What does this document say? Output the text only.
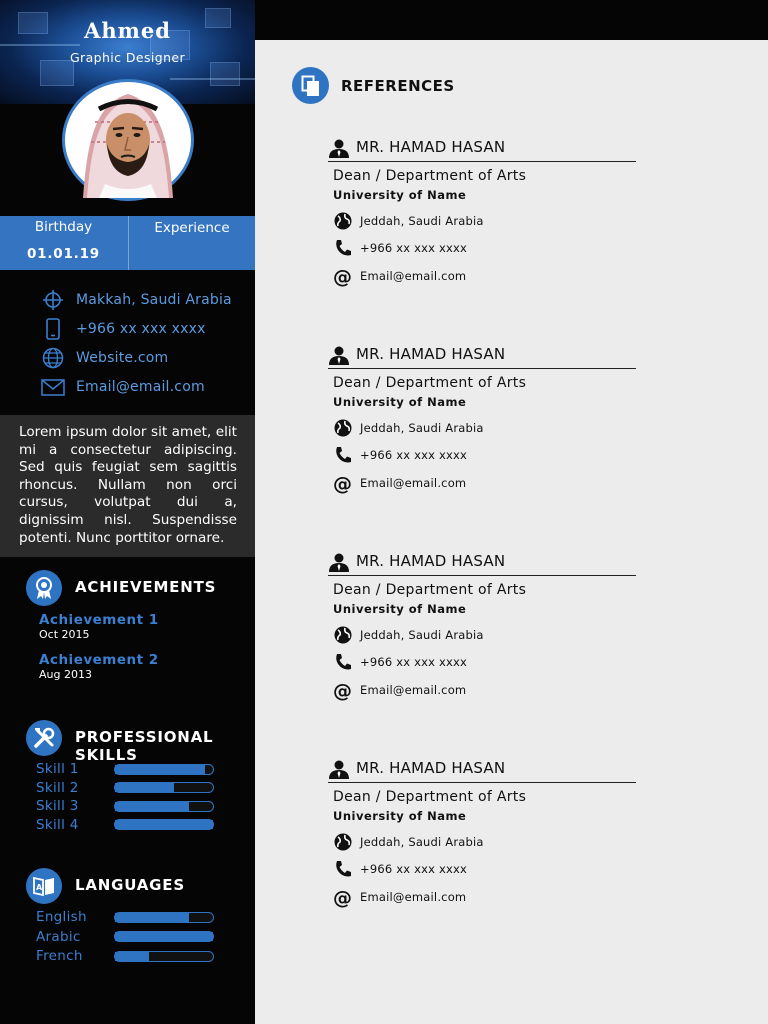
Ahmed
Graphic Designer
Birthday
01.01.19
Experience
Makkah, Saudi Arabia
+966 xx xxx xxxx
Website.com
Email@email.com
Lorem ipsum dolor sit amet, elit mi a consectetur adipiscing. Sed quis feugiat sem sagittis rhoncus. Nullam non orci cursus, volutpat dui a, dignissim nisl. Suspendisse potenti. Nunc porttitor ornare.
ACHIEVEMENTS
Achievement 1
Oct 2015
Achievement 2
Aug 2013
PROFESSIONAL SKILLS
Skill 1
Skill 2
Skill 3
Skill 4
A LANGUAGES
English
Arabic
French
REFERENCES
MR. HAMAD HASAN
Dean / Department of Arts
University of Name
Jeddah, Saudi Arabia
+966 xx xxx xxxx
@ Email@email.com
MR. HAMAD HASAN
Dean / Department of Arts
University of Name
Jeddah, Saudi Arabia
+966 xx xxx xxxx
@ Email@email.com
MR. HAMAD HASAN
Dean / Department of Arts
University of Name
Jeddah, Saudi Arabia
+966 xx xxx xxxx
@ Email@email.com
MR. HAMAD HASAN
Dean / Department of Arts
University of Name
Jeddah, Saudi Arabia
+966 xx xxx xxxx
@ Email@email.com
